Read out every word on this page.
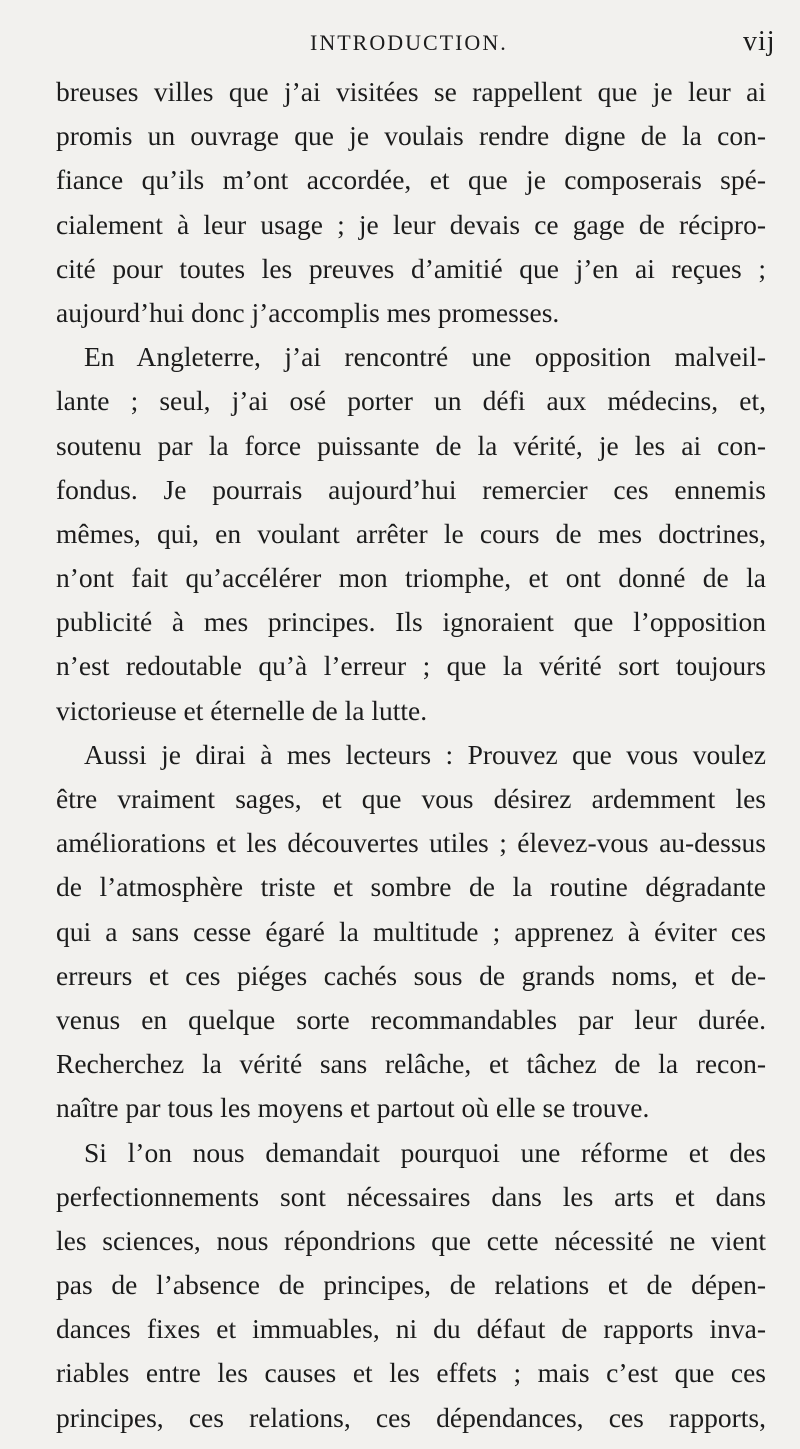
INTRODUCTION.	vij
breuses villes que j’ai visitées se rappellent que je leur ai
promis un ouvrage que je voulais rendre digne de la con-
fiance qu’ils m’ont accordée, et que je composerais spé-
cialement à leur usage ; je leur devais ce gage de récipro-
cité pour toutes les preuves d’amitié que j’en ai reçues ;
aujourd’hui donc j’accomplis mes promesses.
En Angleterre, j’ai rencontré une opposition malveil-
lante ; seul, j’ai osé porter un défi aux médecins, et,
soutenu par la force puissante de la vérité, je les ai con-
fondus. Je pourrais aujourd’hui remercier ces ennemis
mêmes, qui, en voulant arrêter le cours de mes doctrines,
n’ont fait qu’accélérer mon triomphe, et ont donné de la
publicité à mes principes. Ils ignoraient que l’opposition
n’est redoutable qu’à l’erreur ; que la vérité sort toujours
victorieuse et éternelle de la lutte.
Aussi je dirai à mes lecteurs : Prouvez que vous voulez
être vraiment sages, et que vous désirez ardemment les
améliorations et les découvertes utiles ; élevez-vous au-dessus
de l’atmosphère triste et sombre de la routine dégradante
qui a sans cesse égaré la multitude ; apprenez à éviter ces
erreurs et ces piéges cachés sous de grands noms, et de-
venus en quelque sorte recommandables par leur durée.
Recherchez la vérité sans relâche, et tâchez de la recon-
naître par tous les moyens et partout où elle se trouve.
Si l’on nous demandait pourquoi une réforme et des
perfectionnements sont nécessaires dans les arts et dans
les sciences, nous répondrions que cette nécessité ne vient
pas de l’absence de principes, de relations et de dépen-
dances fixes et immuables, ni du défaut de rapports inva-
riables entre les causes et les effets ; mais c’est que ces
principes, ces relations, ces dépendances, ces rapports,
